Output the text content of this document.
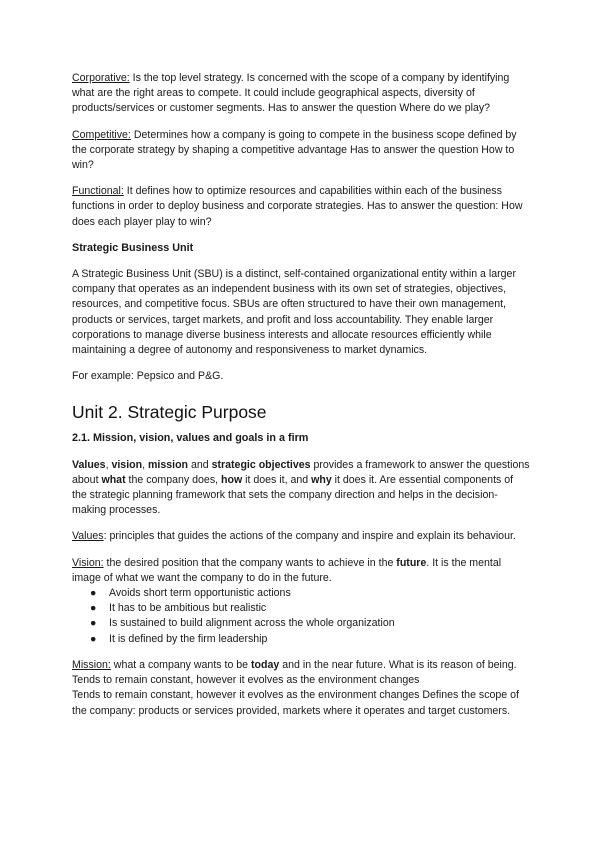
Corporative: Is the top level strategy. Is concerned with the scope of a company by identifying what are the right areas to compete. It could include geographical aspects, diversity of products/services or customer segments. Has to answer the question Where do we play?

Competitive: Determines how a company is going to compete in the business scope defined by the corporate strategy by shaping a competitive advantage Has to answer the question How to win?

Functional: It defines how to optimize resources and capabilities within each of the business functions in order to deploy business and corporate strategies. Has to answer the question: How does each player play to win?

Strategic Business Unit

A Strategic Business Unit (SBU) is a distinct, self-contained organizational entity within a larger company that operates as an independent business with its own set of strategies, objectives, resources, and competitive focus. SBUs are often structured to have their own management, products or services, target markets, and profit and loss accountability. They enable larger corporations to manage diverse business interests and allocate resources efficiently while maintaining a degree of autonomy and responsiveness to market dynamics.

For example: Pepsico and P&G.

Unit 2. Strategic Purpose
2.1. Mission, vision, values and goals in a firm

Values, vision, mission and strategic objectives provides a framework to answer the questions about what the company does, how it does it, and why it does it. Are essential components of the strategic planning framework that sets the company direction and helps in the decision-making processes.

Values: principles that guides the actions of the company and inspire and explain its behaviour.

Vision: the desired position that the company wants to achieve in the future. It is the mental image of what we want the company to do in the future.

● Avoids short term opportunistic actions
● It has to be ambitious but realistic
● Is sustained to build alignment across the whole organization
● It is defined by the firm leadership

Mission: what a company wants to be today and in the near future. What is its reason of being. Tends to remain constant, however it evolves as the environment changes

Tends to remain constant, however it evolves as the environment changes Defines the scope of the company: products or services provided, markets where it operates and target customers.
